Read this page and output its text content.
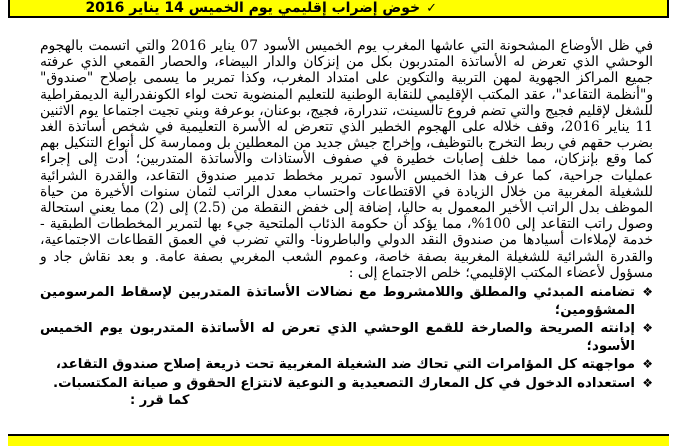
✓
خوض إضراب إقليمي يوم الخميس 14 يناير 2016

في ظل الأوضاع المشحونة التي عاشها المغرب يوم الخميس الأسود 07 يناير 2016 والتي اتسمت بالهجوم الوحشي الذي تعرض له الأساتذة المتدربون بكل من إنزكان والدار البيضاء، والحصار القمعي الذي عرفته جميع المراكز الجهوية لمهن التربية والتكوين على امتداد المغرب، وكذا تمرير ما يسمى بإصلاح "صندوق" و"أنظمة التقاعد"، عقد المكتب الإقليمي للنقابة الوطنية للتعليم المنضوية تحت لواء الكونفدرالية الديمقراطية للشغل لإقليم فجيج والتي تضم فروع تالسينت، تندرارة، فجيج، بوعنان، بوعرفة وبني تجيت اجتماعا يوم الاثنين 11 يناير 2016، وقف خلاله على الهجوم الخطير الذي تتعرض له الأسرة التعليمية في شخص أساتذة الغد بضرب حقهم في ربط التخرج بالتوظيف، وإخراج جيش جديد من المعطلين بل وممارسة كل أنواع التنكيل بهم كما وقع بإنزكان، مما خلف إصابات خطيرة في صفوف الأستاذات والأساتذة المتدربين؛ أدت إلى إجراء عمليات جراحية، كما عرف هذا الخميس الأسود تمرير مخطط تدمير صندوق التقاعد، والقدرة الشرائية للشغيلة المغربية من خلال الزيادة في الاقتطاعات واحتساب معدل الراتب لثمان سنوات الأخيرة من حياة الموظف بدل الراتب الأخير المعمول به حاليا، إضافة إلى خفض النقطة من (2.5) إلى (2) مما يعني استحالة وصول راتب التقاعد إلى 100%، مما يؤكد أن حكومة الذئاب الملتحية جيء بها لتمرير المخططات الطبقية - خدمة لإملاءات أسيادها من صندوق النقد الدولي والباطرونا- والتي تضرب في العمق القطاعات الاجتماعية، والقدرة الشرائية للشغيلة المغربية بصفة خاصة، وعموم الشعب المغربي بصفة عامة. و بعد نقاش جاد و مسؤول لأعضاء المكتب الإقليمي؛ خلص الاجتماع إلى :

❖
تضامنه المبدئي والمطلق واللامشروط مع نضالات الأساتذة المتدربين لإسقاط المرسومين المشؤومين؛
❖
إدانته الصريحة والصارخة للقمع الوحشي الذي تعرض له الأساتذة المتدربون يوم الخميس الأسود؛
❖
مواجهته كل المؤامرات التي تحاك ضد الشغيلة المغربية تحت ذريعة إصلاح صندوق التقاعد،
❖
استعداده الدخول في كل المعارك التصعيدية و النوعية لانتزاع الحقوق و صيانة المكتسبات.

كما قرر :
